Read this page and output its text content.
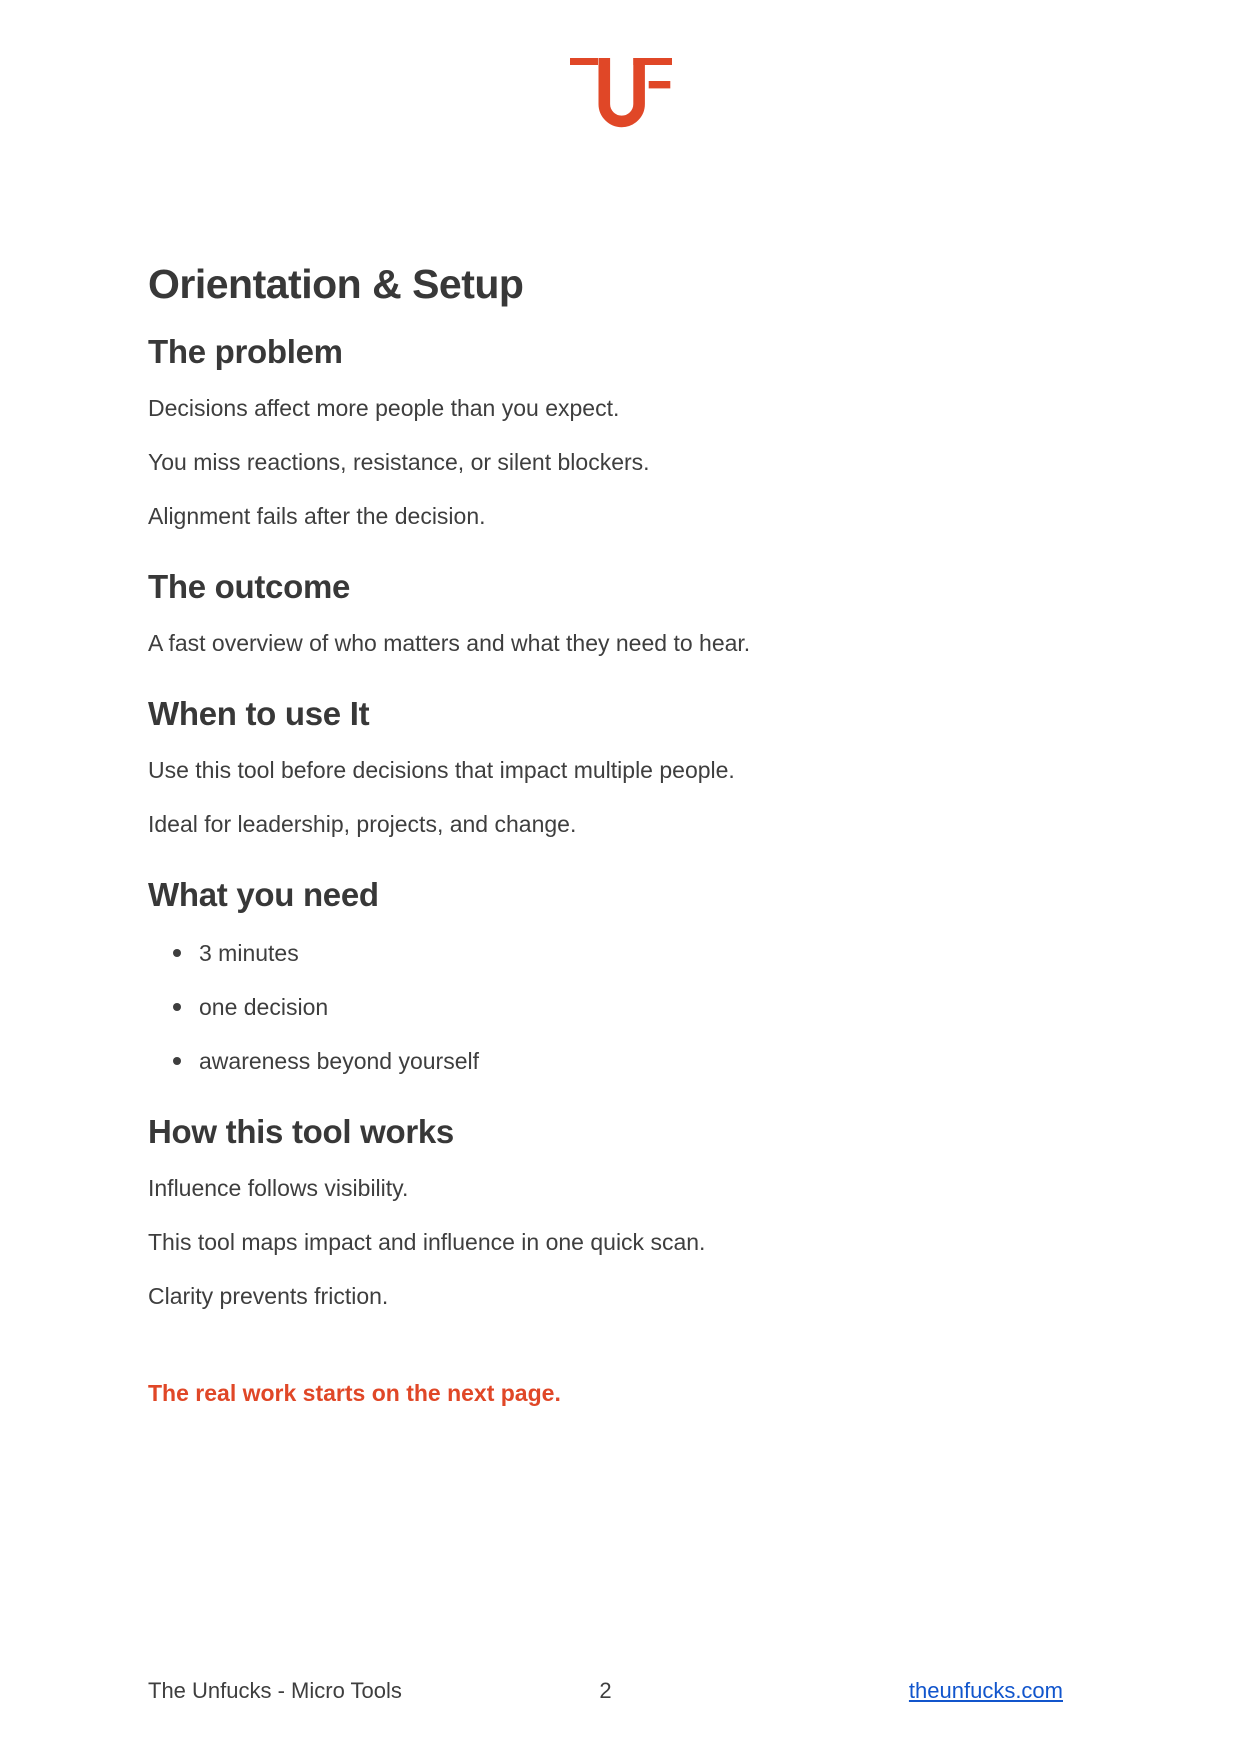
Orientation & Setup
The problem

Decisions affect more people than you expect.

You miss reactions, resistance, or silent blockers.

Alignment fails after the decision.

The outcome

A fast overview of who matters and what they need to hear.

When to use It

Use this tool before decisions that impact multiple people.

Ideal for leadership, projects, and change.

What you need
3 minutes
one decision
awareness beyond yourself
How this tool works

Influence follows visibility.

This tool maps impact and influence in one quick scan.

Clarity prevents friction.

The real work starts on the next page.

The Unfucks - Micro Tools	2	theunfucks.com
